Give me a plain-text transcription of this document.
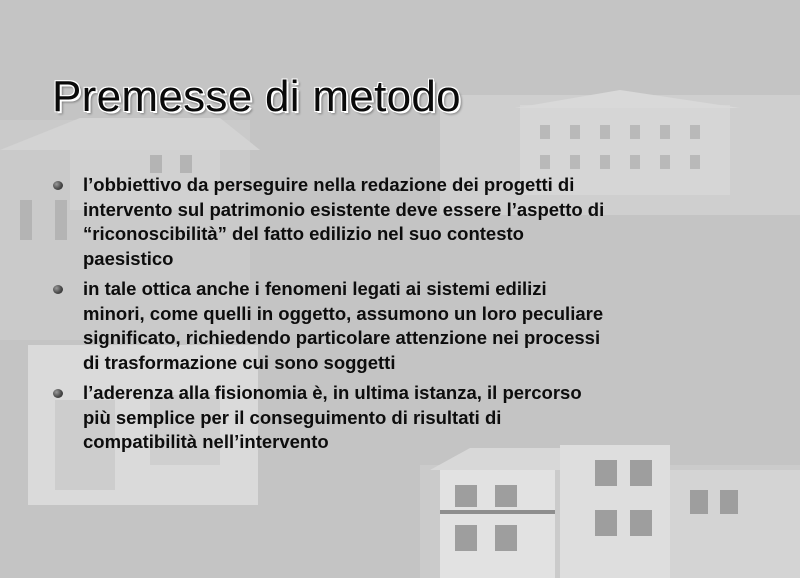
Premesse di metodo
l’obbiettivo da perseguire nella redazione dei progetti di
intervento sul patrimonio esistente deve essere l’aspetto di
“riconoscibilità” del fatto edilizio nel suo contesto
paesistico
in tale ottica anche i fenomeni legati ai sistemi edilizi
minori, come quelli in oggetto, assumono un loro peculiare
significato, richiedendo particolare attenzione nei processi
di trasformazione cui sono soggetti
l’aderenza alla fisionomia è, in ultima istanza, il percorso
più semplice per il conseguimento di risultati di
compatibilità nell’intervento
